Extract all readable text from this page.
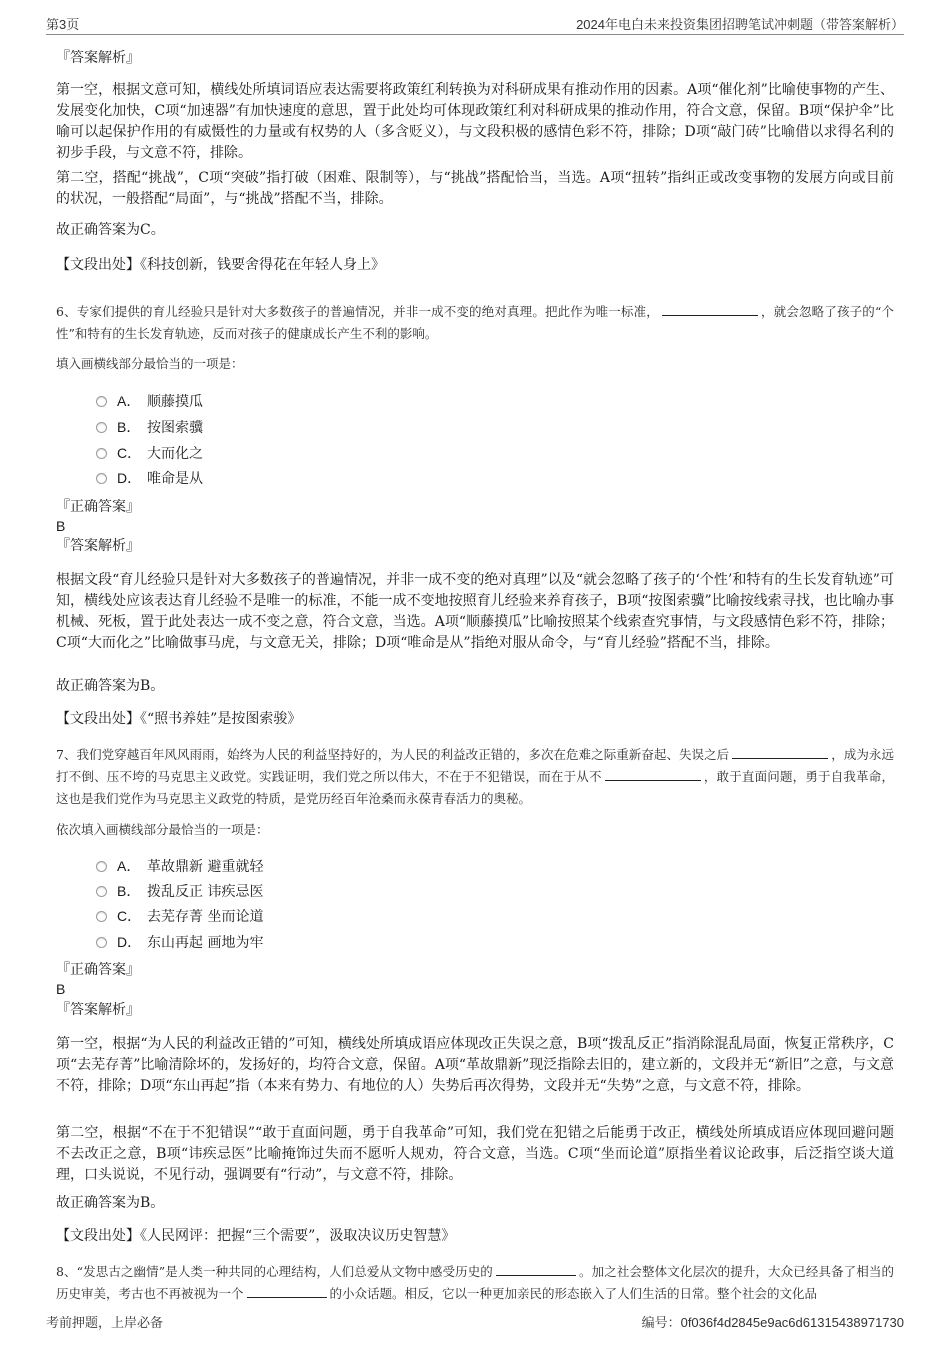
第3页	2024年电白未来投资集团招聘笔试冲刺题（带答案解析）
『答案解析』

第一空，根据文意可知，横线处所填词语应表达需要将政策红利转换为对科研成果有推动作用的因素。A项“催化剂”比喻使事物的产生、发展变化加快，C项“加速器”有加快速度的意思，置于此处均可体现政策红利对科研成果的推动作用，符合文意，保留。B项“保护伞”比喻可以起保护作用的有威慑性的力量或有权势的人（多含贬义），与文段积极的感情色彩不符，排除；D项“敲门砖”比喻借以求得名利的初步手段，与文意不符，排除。

第二空，搭配“挑战”，C项“突破”指打破（困难、限制等），与“挑战”搭配恰当，当选。A项“扭转”指纠正或改变事物的发展方向或目前的状况，一般搭配“局面”，与“挑战”搭配不当，排除。

故正确答案为C。

【文段出处】《科技创新，钱要舍得花在年轻人身上》

6、专家们提供的育儿经验只是针对大多数孩子的普遍情况，并非一成不变的绝对真理。把此作为唯一标准，	，就会忽略了孩子的“个性”和特有的生长发育轨迹，反而对孩子的健康成长产生不利的影响。

填入画横线部分最恰当的一项是：

A． 顺藤摸瓜
B． 按图索骥
C． 大而化之
D． 唯命是从
『正确答案』
B
『答案解析』

根据文段“育儿经验只是针对大多数孩子的普遍情况，并非一成不变的绝对真理”以及“就会忽略了孩子的‘个性’和特有的生长发育轨迹”可知，横线处应该表达育儿经验不是唯一的标准，不能一成不变地按照育儿经验来养育孩子，B项“按图索骥”比喻按线索寻找，也比喻办事机械、死板，置于此处表达一成不变之意，符合文意，当选。A项“顺藤摸瓜”比喻按照某个线索查究事情，与文段感情色彩不符，排除；C项“大而化之”比喻做事马虎，与文意无关，排除；D项“唯命是从”指绝对服从命令，与“育儿经验”搭配不当，排除。

故正确答案为B。

【文段出处】《“照书养娃”是按图索骏》

7、我们党穿越百年风风雨雨，始终为人民的利益坚持好的，为人民的利益改正错的，多次在危难之际重新奋起、失误之后	，成为永远打不倒、压不垮的马克思主义政党。实践证明，我们党之所以伟大，不在于不犯错误，而在于从不	，敢于直面问题，勇于自我革命，这也是我们党作为马克思主义政党的特质，是党历经百年沧桑而永葆青春活力的奥秘。

依次填入画横线部分最恰当的一项是：

A． 革故鼎新 避重就轻
B． 拨乱反正 讳疾忌医
C． 去芜存菁 坐而论道
D． 东山再起 画地为牢
『正确答案』
B
『答案解析』

第一空，根据“为人民的利益改正错的”可知，横线处所填成语应体现改正失误之意，B项“拨乱反正”指消除混乱局面，恢复正常秩序，C项“去芜存菁”比喻清除坏的，发扬好的，均符合文意，保留。A项“革故鼎新”现泛指除去旧的，建立新的，文段并无“新旧”之意，与文意不符，排除；D项“东山再起”指（本来有势力、有地位的人）失势后再次得势，文段并无“失势”之意，与文意不符，排除。

第二空，根据“不在于不犯错误”“敢于直面问题，勇于自我革命”可知，我们党在犯错之后能勇于改正，横线处所填成语应体现回避问题不去改正之意，B项“讳疾忌医”比喻掩饰过失而不愿听人规劝，符合文意，当选。C项“坐而论道”原指坐着议论政事，后泛指空谈大道理，口头说说，不见行动，强调要有“行动”，与文意不符，排除。

故正确答案为B。

【文段出处】《人民网评：把握“三个需要”，汲取决议历史智慧》

8、“发思古之幽情”是人类一种共同的心理结构，人们总爱从文物中感受历史的	。加之社会整体文化层次的提升，大众已经具备了相当的历史审美，考古也不再被视为一个	的小众话题。相反，它以一种更加亲民的形态嵌入了人们生活的日常。整个社会的文化品

考前押题，上岸必备	编号：0f036f4d2845e9ac6d61315438971730
